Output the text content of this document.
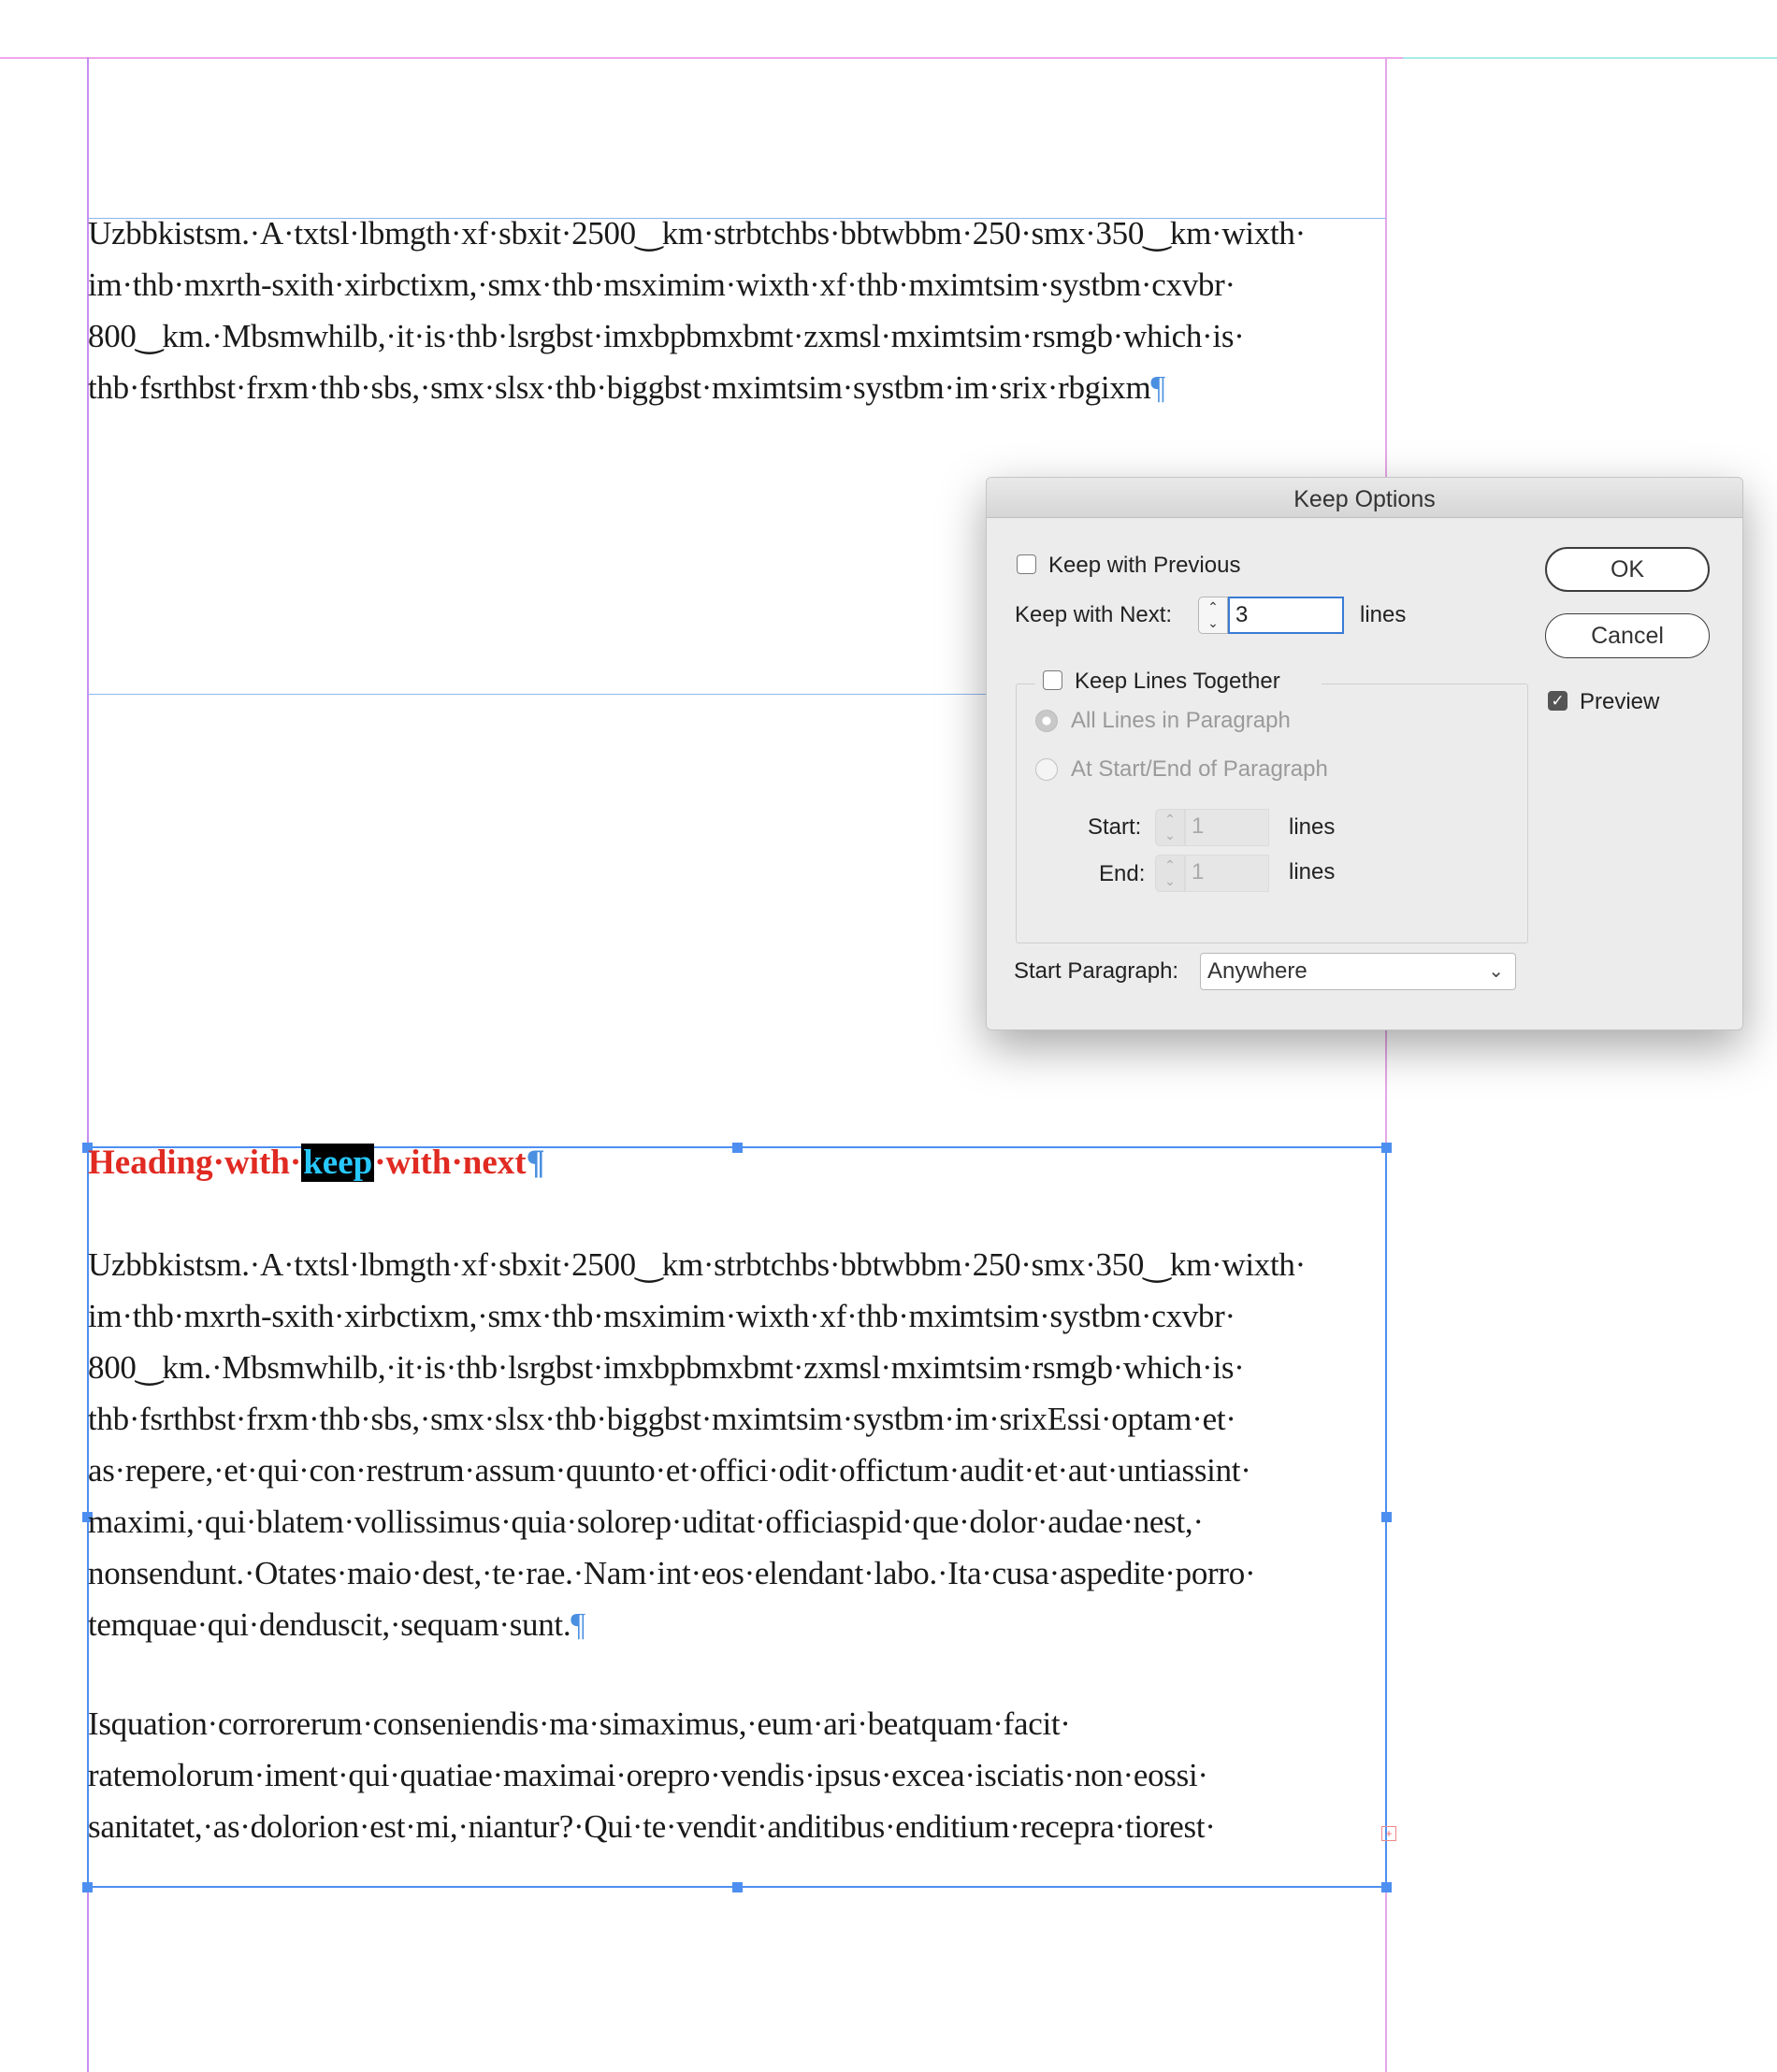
Uzbbkistsm.·A·txtsl·lbmgth·xf·sbxit·2500‿km·strbtchbs·bbtwbbm·250·smx·350‿km·wixth·
im·thb·mxrth-sxith·xirbctixm,·smx·thb·msximim·wixth·xf·thb·mximtsim·systbm·cxvbr·
800‿km.·Mbsmwhilb,·it·is·thb·lsrgbst·imxbpbmxbmt·zxmsl·mximtsim·rsmgb·which·is·
thb·fsrthbst·frxm·thb·sbs,·smx·slsx·thb·biggbst·mximtsim·systbm·im·srix·rbgixm¶

+

Heading·with·keep·with·next¶

Uzbbkistsm.·A·txtsl·lbmgth·xf·sbxit·2500‿km·strbtchbs·bbtwbbm·250·smx·350‿km·wixth·
im·thb·mxrth-sxith·xirbctixm,·smx·thb·msximim·wixth·xf·thb·mximtsim·systbm·cxvbr·
800‿km.·Mbsmwhilb,·it·is·thb·lsrgbst·imxbpbmxbmt·zxmsl·mximtsim·rsmgb·which·is·
thb·fsrthbst·frxm·thb·sbs,·smx·slsx·thb·biggbst·mximtsim·systbm·im·srixEssi·optam·et·
as·repere,·et·qui·con·restrum·assum·quunto·et·offici·odit·offictum·audit·et·aut·untiassint·
maximi,·qui·blatem·vollissimus·quia·solorep·uditat·officiaspid·que·dolor·audae·nest,·
nonsendunt.·Otates·maio·dest,·te·rae.·Nam·int·eos·elendant·labo.·Ita·cusa·aspedite·porro·
temquae·qui·denduscit,·sequam·sunt.¶

Isquation·corrorerum·conseniendis·ma·simaximus,·eum·ari·beatquam·facit·
ratemolorum·iment·qui·quatiae·maximai·orepro·vendis·ipsus·excea·isciatis·non·eossi·
sanitatet,·as·dolorion·est·mi,·niantur?·Qui·te·vendit·anditibus·enditium·recepra·tiorest·

Keep Options
Keep with Previous
Keep with Next:	⌃
⌄ 3	lines
Keep Lines Together
All Lines in Paragraph
At Start/End of Paragraph
Start:	⌃
⌄ 1	lines
End:	⌃
⌄ 1	lines
Start Paragraph:	Anywhere	⌄
OK
Cancel
✓ Preview
